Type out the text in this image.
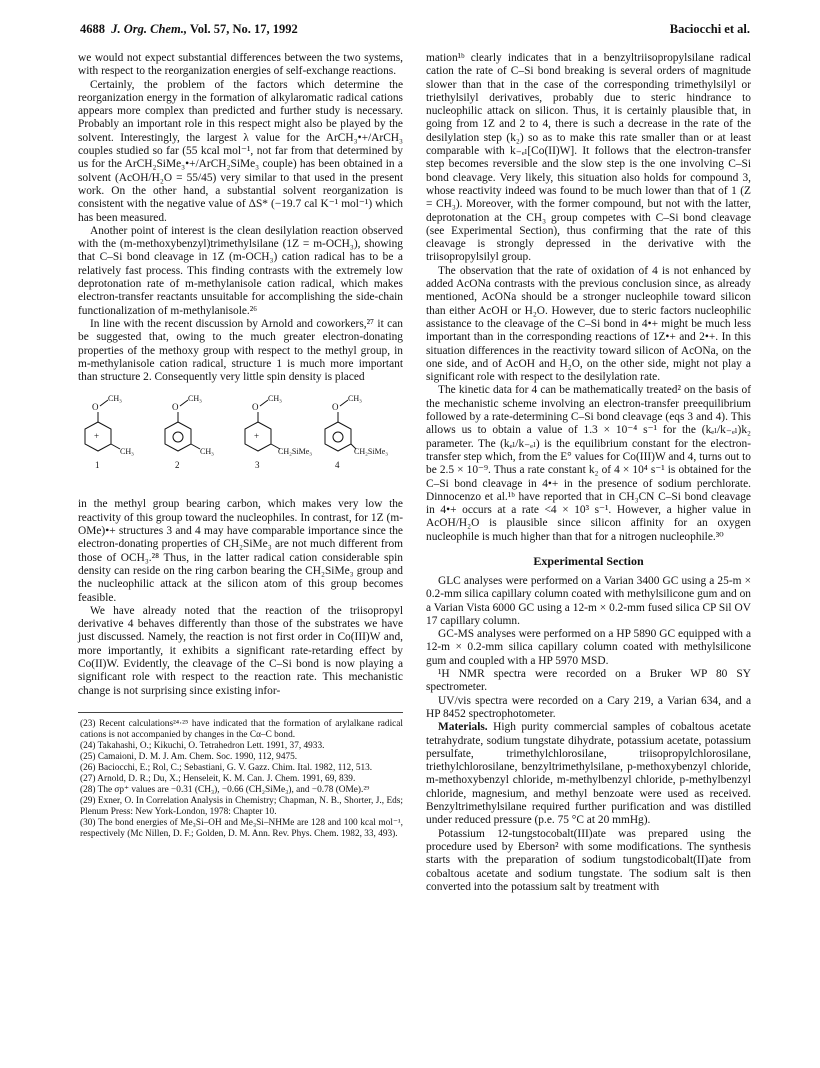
4688 J. Org. Chem., Vol. 57, No. 17, 1992	Baciocchi et al.

we would not expect substantial differences between the two systems, with respect to the reorganization energies of self-exchange reactions.

Certainly, the problem of the factors which determine the reorganization energy in the formation of alkylaromatic radical cations appears more complex than predicted and further study is necessary. Probably an important role in this respect might also be played by the solvent. Interestingly, the largest λ value for the ArCH₃•+/ArCH₃ couples studied so far (55 kcal mol⁻¹, not far from that determined by us for the ArCH₂SiMe₃•+/ArCH₂SiMe₃ couple) has been obtained in a solvent (AcOH/H₂O = 55/45) very similar to that used in the present work. On the other hand, a substantial solvent reorganization is consistent with the negative value of ΔS* (−19.7 cal K⁻¹ mol⁻¹) which has been measured.

Another point of interest is the clean desilylation reaction observed with the (m-methoxybenzyl)trimethylsilane (1Z = m-OCH₃), showing that C–Si bond cleavage in 1Z (m-OCH₃) cation radical has to be a relatively fast process. This finding contrasts with the extremely low deprotonation rate of m-methylanisole cation radical, which makes electron-transfer reactants unsuitable for accomplishing the side-chain functionalization of m-methylanisole.²⁶

In line with the recent discussion by Arnold and coworkers,²⁷ it can be suggested that, owing to the much greater electron-donating properties of the methoxy group with respect to the methyl group, in m-methylanisole cation radical, structure 1 is much more important than structure 2. Consequently very little spin density is placed

O
CH₃
CH₃
+
1
O
CH₃
CH₃
2
O
CH₃
CH₂SiMe₃
+
3
O
CH₃
CH₂SiMe₃
4

in the methyl group bearing carbon, which makes very low the reactivity of this group toward the nucleophiles. In contrast, for 1Z (m-OMe)•+ structures 3 and 4 may have comparable importance since the electron-donating properties of CH₂SiMe₃ are not much different from those of OCH₃.²⁸ Thus, in the latter radical cation considerable spin density can reside on the ring carbon bearing the CH₂SiMe₃ group and the nucleophilic attack at the silicon atom of this group becomes feasible.

We have already noted that the reaction of the triisopropyl derivative 4 behaves differently than those of the substrates we have just discussed. Namely, the reaction is not first order in Co(III)W and, more importantly, it exhibits a significant rate-retarding effect by Co(II)W. Evidently, the cleavage of the C–Si bond is now playing a significant role with respect to the reaction rate. This mechanistic change is not surprising since existing infor-

(23) Recent calculations²⁴·²⁵ have indicated that the formation of arylalkane radical cations is not accompanied by changes in the Cα–C bond.

(24) Takahashi, O.; Kikuchi, O. Tetrahedron Lett. 1991, 37, 4933.

(25) Camaioni, D. M. J. Am. Chem. Soc. 1990, 112, 9475.

(26) Baciocchi, E.; Rol, C.; Sebastiani, G. V. Gazz. Chim. Ital. 1982, 112, 513.

(27) Arnold, D. R.; Du, X.; Henseleit, K. M. Can. J. Chem. 1991, 69, 839.

(28) The σp⁺ values are −0.31 (CH₃), −0.66 (CH₂SiMe₃), and −0.78 (OMe).²⁹

(29) Exner, O. In Correlation Analysis in Chemistry; Chapman, N. B., Shorter, J., Eds; Plenum Press: New York-London, 1978: Chapter 10.

(30) The bond energies of Me₃Si–OH and Me₃Si–NHMe are 128 and 100 kcal mol⁻¹, respectively (Mc Nillen, D. F.; Golden, D. M. Ann. Rev. Phys. Chem. 1982, 33, 493).

mation¹ᵇ clearly indicates that in a benzyltriisopropylsilane radical cation the rate of C–Si bond breaking is several orders of magnitude slower than that in the case of the corresponding trimethylsilyl or triethylsilyl derivatives, probably due to steric hindrance to nucleophilic attack on silicon. Thus, it is certainly plausible that, in going from 1Z and 2 to 4, there is such a decrease in the rate of the desilylation step (k₂) so as to make this rate smaller than or at least comparable with k₋ₑₗ[Co(II)W]. It follows that the electron-transfer step becomes reversible and the slow step is the one involving C–Si bond cleavage. Very likely, this situation also holds for compound 3, whose reactivity indeed was found to be much lower than that of 1 (Z = CH₃). Moreover, with the former compound, but not with the latter, deprotonation at the CH₃ group competes with C–Si bond cleavage (see Experimental Section), thus confirming that the rate of this cleavage is strongly depressed in the derivative with the triisopropylsilyl group.

The observation that the rate of oxidation of 4 is not enhanced by added AcONa contrasts with the previous conclusion since, as already mentioned, AcONa should be a stronger nucleophile toward silicon than either AcOH or H₂O. However, due to steric factors nucleophilic assistance to the cleavage of the C–Si bond in 4•+ might be much less important than in the corresponding reactions of 1Z•+ and 2•+. In this situation differences in the reactivity toward silicon of AcONa, on the one side, and of AcOH and H₂O, on the other side, might not play a significant role with respect to the desilylation rate.

The kinetic data for 4 can be mathematically treated² on the basis of the mechanistic scheme involving an electron-transfer preequilibrium followed by a rate-determining C–Si bond cleavage (eqs 3 and 4). This allows us to obtain a value of 1.3 × 10⁻⁴ s⁻¹ for the (kₑₗ/k₋ₑₗ)k₂ parameter. The (kₑₗ/k₋ₑₗ) is the equilibrium constant for the electron-transfer step which, from the E° values for Co(III)W and 4, turns out to be 2.5 × 10⁻⁹. Thus a rate constant k₂ of 4 × 10⁴ s⁻¹ is obtained for the C–Si bond cleavage in 4•+ in the presence of sodium perchlorate. Dinnocenzo et al.¹ᵇ have reported that in CH₃CN C–Si bond cleavage in 4•+ occurs at a rate <4 × 10³ s⁻¹. However, a higher value in AcOH/H₂O is plausible since silicon affinity for an oxygen nucleophile is much higher than that for a nitrogen nucleophile.³⁰

Experimental Section

GLC analyses were performed on a Varian 3400 GC using a 25-m × 0.2-mm silica capillary column coated with methylsilicone gum and on a Varian Vista 6000 GC using a 12-m × 0.2-mm fused silica CP Sil OV 17 capillary column.

GC-MS analyses were performed on a HP 5890 GC equipped with a 12-m × 0.2-mm silica capillary column coated with methylsilicone gum and coupled with a HP 5970 MSD.

¹H NMR spectra were recorded on a Bruker WP 80 SY spectrometer.

UV/vis spectra were recorded on a Cary 219, a Varian 634, and a HP 8452 spectrophotometer.

Materials. High purity commercial samples of cobaltous acetate tetrahydrate, sodium tungstate dihydrate, potassium acetate, potassium persulfate, trimethylchlorosilane, triisopropylchlorosilane, triethylchlorosilane, benzyltrimethylsilane, p-methoxybenzyl chloride, m-methoxybenzyl chloride, m-methylbenzyl chloride, p-methylbenzyl chloride, magnesium, and methyl benzoate were used as received. Benzyltrimethylsilane required further purification and was distilled under reduced pressure (p.e. 75 °C at 20 mmHg).

Potassium 12-tungstocobalt(III)ate was prepared using the procedure used by Eberson² with some modifications. The synthesis starts with the preparation of sodium tungstodicobalt(II)ate from cobaltous acetate and sodium tungstate. The sodium salt is then converted into the potassium salt by treatment with
